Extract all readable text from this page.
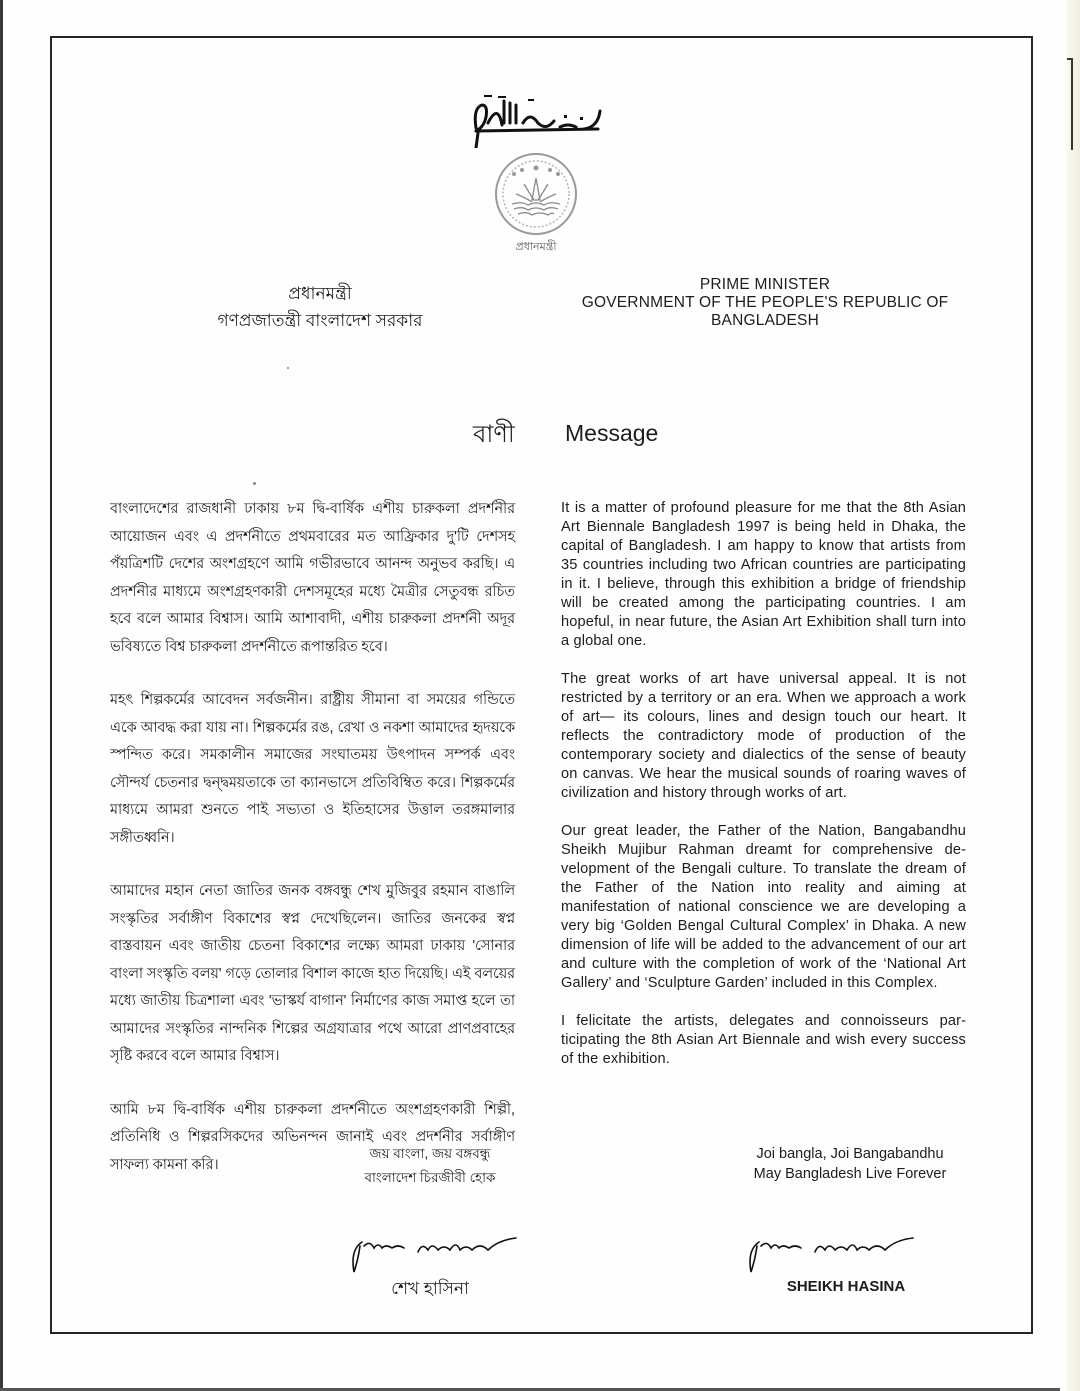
প্রধানমন্ত্রী
প্রধানমন্ত্রী
গণপ্রজাতন্ত্রী বাংলাদেশ সরকার
PRIME MINISTER
GOVERNMENT OF THE PEOPLE'S REPUBLIC OF
BANGLADESH
বাণী Message

বাংলাদেশের রাজধানী ঢাকায় ৮ম দ্বি-বার্ষিক এশীয় চারুকলা প্রদর্শনীর আয়োজন এবং এ প্রদর্শনীতে প্রথমবারের মত আফ্রিকার দু'টি দেশসহ পঁয়ত্রিশটি দেশের অংশগ্রহণে আমি গভীরভাবে আনন্দ অনুভব করছি। এ প্রদর্শনীর মাধ্যমে অংশগ্রহণকারী দেশসমূহের মধ্যে মৈত্রীর সেতুবন্ধ রচিত হবে বলে আমার বিশ্বাস। আমি আশাবাদী, এশীয় চারুকলা প্রদর্শনী অদূর ভবিষ্যতে বিশ্ব চারুকলা প্রদর্শনীতে রূপান্তরিত হবে।

মহৎ শিল্পকর্মের আবেদন সর্বজনীন। রাষ্ট্রীয় সীমানা বা সময়ের গন্ডিতে একে আবদ্ধ করা যায় না। শিল্পকর্মের রঙ, রেখা ও নকশা আমাদের হৃদয়কে স্পন্দিত করে। সমকালীন সমাজের সংঘাতময় উৎপাদন সম্পর্ক এবং সৌন্দর্য চেতনার দ্বন্দ্বময়তাকে তা ক্যানভাসে প্রতিবিম্বিত করে। শিল্পকর্মের মাধ্যমে আমরা শুনতে পাই সভ্যতা ও ইতিহাসের উত্তাল তরঙ্গমালার সঙ্গীতধ্বনি।

আমাদের মহান নেতা জাতির জনক বঙ্গবন্ধু শেখ মুজিবুর রহমান বাঙালি সংস্কৃতির সর্বাঙ্গীণ বিকাশের স্বপ্ন দেখেছিলেন। জাতির জনকের স্বপ্ন বাস্তবায়ন এবং জাতীয় চেতনা বিকাশের লক্ষ্যে আমরা ঢাকায় 'সোনার বাংলা সংস্কৃতি বলয়' গড়ে তোলার বিশাল কাজে হাত দিয়েছি। এই বলয়ের মধ্যে জাতীয় চিত্রশালা এবং 'ভাস্কর্য বাগান' নির্মাণের কাজ সমাপ্ত হলে তা আমাদের সংস্কৃতির নান্দনিক শিল্পের অগ্রযাত্রার পথে আরো প্রাণপ্রবাহের সৃষ্টি করবে বলে আমার বিশ্বাস।

আমি ৮ম দ্বি-বার্ষিক এশীয় চারুকলা প্রদর্শনীতে অংশগ্রহণকারী শিল্পী, প্রতিনিধি ও শিল্পরসিকদের অভিনন্দন জানাই এবং প্রদর্শনীর সর্বাঙ্গীণ সাফল্য কামনা করি।

It is a matter of profound pleasure for me that the 8th Asian Art Biennale Bangladesh 1997 is being held in Dhaka, the capital of Bangladesh. I am happy to know that artists from 35 countries including two African countries are participating in it. I believe, through this exhibition a bridge of friendship will be created among the participating countries. I am hopeful, in near future, the Asian Art Exhibition shall turn into a global one.

The great works of art have universal appeal. It is not restricted by a territory or an era. When we approach a work of art— its colours, lines and design touch our heart. It reflects the contradictory mode of production of the contemporary society and dialectics of the sense of beauty on canvas. We hear the musical sounds of roaring waves of civilization and history through works of art.

Our great leader, the Father of the Nation, Bangabandhu Sheikh Mujibur Rahman dreamt for comprehensive development of the Bengali culture. To translate the dream of the Father of the Nation into reality and aiming at manifestation of national conscience we are developing a very big ‘Golden Bengal Cultural Complex’ in Dhaka. A new dimension of life will be added to the advancement of our art and culture with the completion of work of the ‘National Art Gallery’ and ‘Sculpture Garden’ included in this Complex.

I felicitate the artists, delegates and connoisseurs participating the 8th Asian Art Biennale and wish every success of the exhibition.

জয় বাংলা, জয় বঙ্গবন্ধু
বাংলাদেশ চিরজীবী হোক
Joi bangla, Joi Bangabandhu
May Bangladesh Live Forever
শেখ হাসিনা	SHEIKH HASINA
